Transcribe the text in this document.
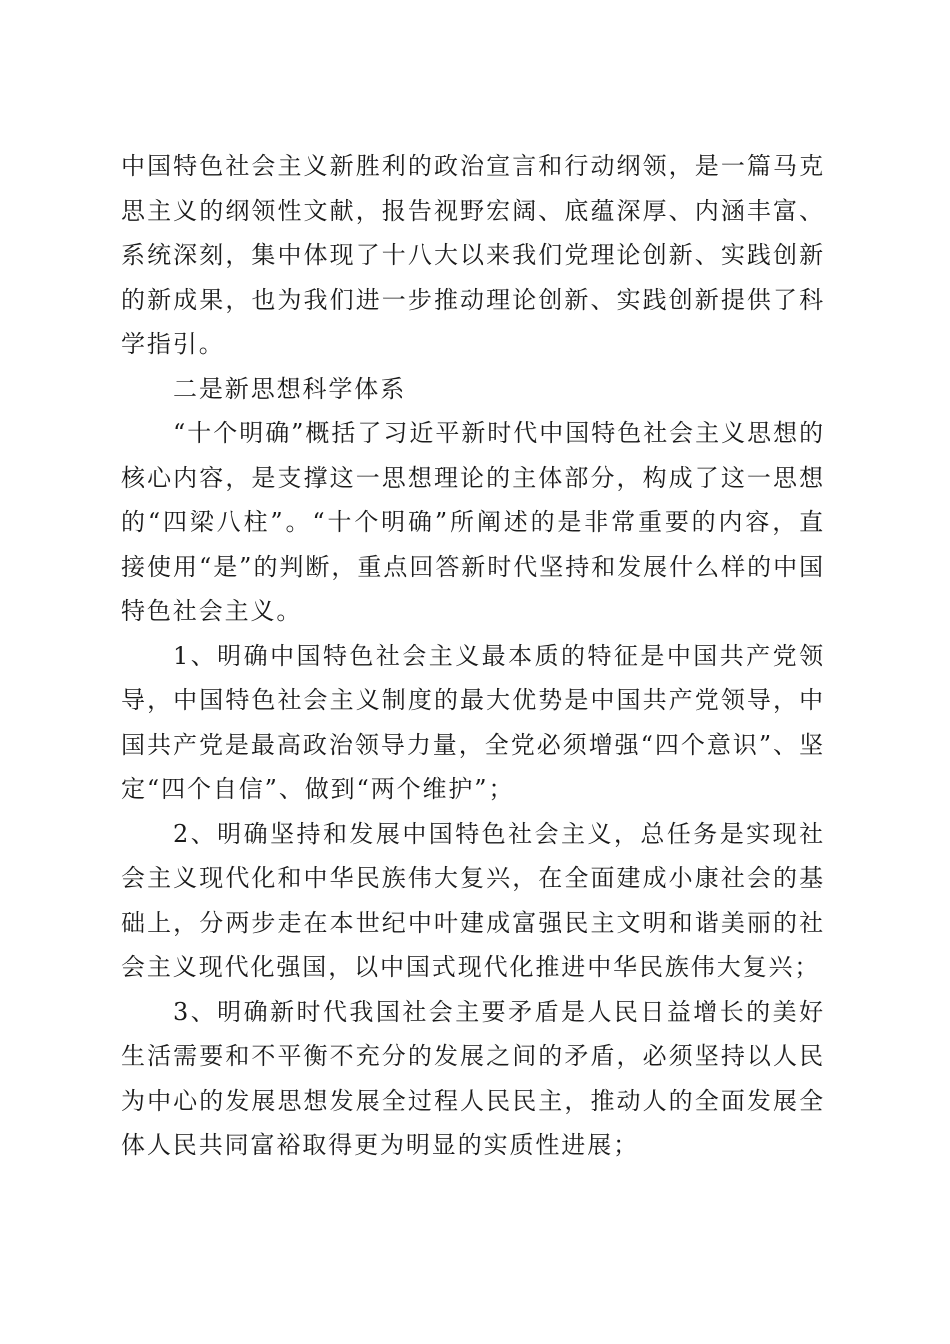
中国特色社会主义新胜利的政治宣言和行动纲领，是一篇马克思主义的纲领性文献，报告视野宏阔、底蕴深厚、内涵丰富、系统深刻，集中体现了十八大以来我们党理论创新、实践创新的新成果，也为我们进一步推动理论创新、实践创新提供了科学指引。

二是新思想科学体系

“十个明确”概括了习近平新时代中国特色社会主义思想的核心内容，是支撑这一思想理论的主体部分，构成了这一思想的“四梁八柱”。“十个明确”所阐述的是非常重要的内容，直接使用“是”的判断，重点回答新时代坚持和发展什么样的中国特色社会主义。

1、明确中国特色社会主义最本质的特征是中国共产党领导，中国特色社会主义制度的最大优势是中国共产党领导，中国共产党是最高政治领导力量，全党必须增强“四个意识”、坚定“四个自信”、做到“两个维护”；

2、明确坚持和发展中国特色社会主义，总任务是实现社会主义现代化和中华民族伟大复兴，在全面建成小康社会的基础上，分两步走在本世纪中叶建成富强民主文明和谐美丽的社会主义现代化强国，以中国式现代化推进中华民族伟大复兴；

3、明确新时代我国社会主要矛盾是人民日益增长的美好生活需要和不平衡不充分的发展之间的矛盾，必须坚持以人民为中心的发展思想发展全过程人民民主，推动人的全面发展全体人民共同富裕取得更为明显的实质性进展；
